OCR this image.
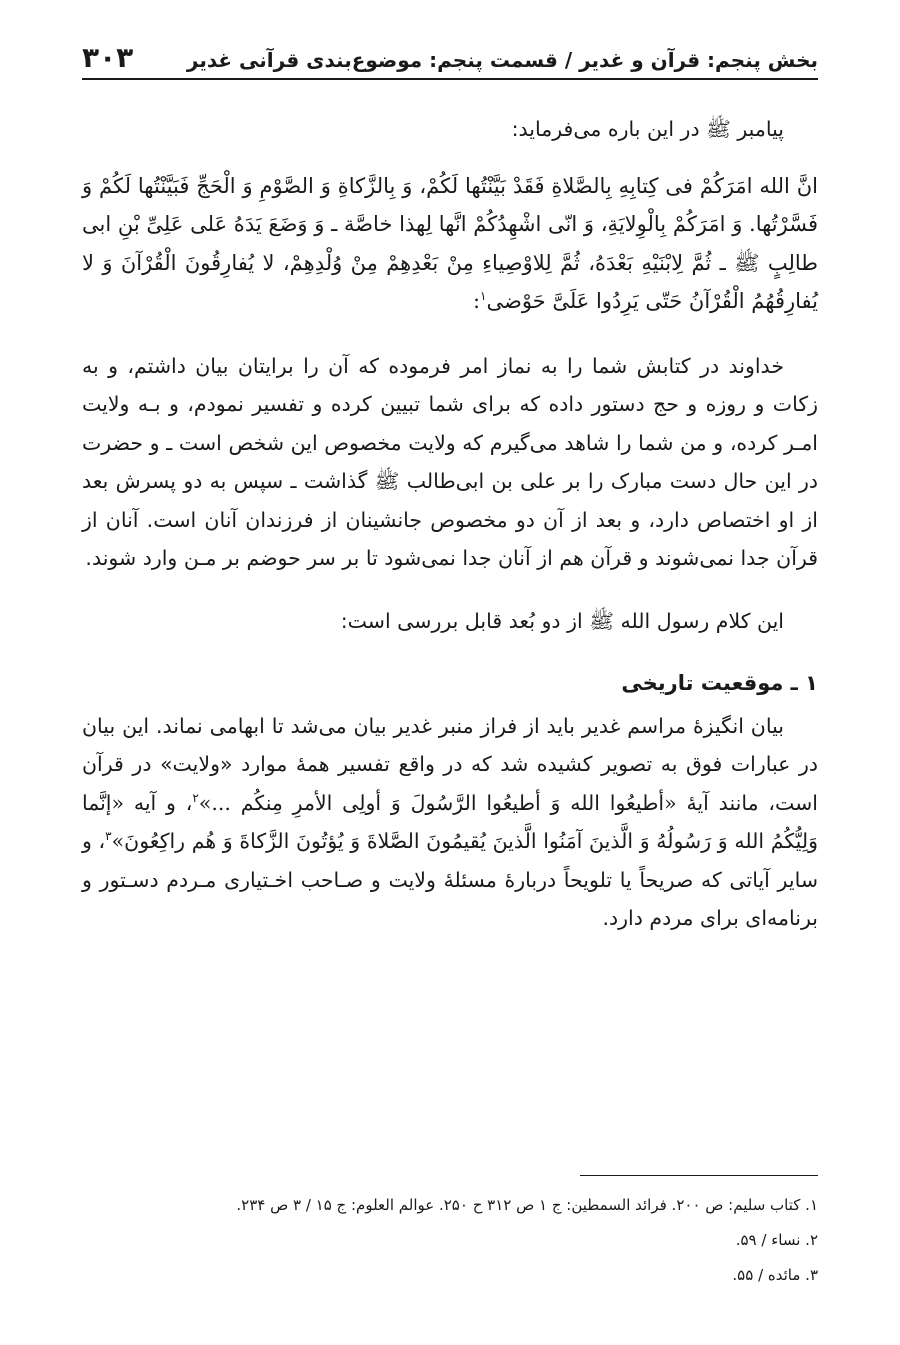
بخش پنجم: قرآن و غدیر / قسمت پنجم: موضوع‌بندی قرآنی غدیر
۳۰۳

پیامبر ﷺ در این باره می‌فرماید:

انَّ الله امَرَکُمْ فی کِتابِهِ بِالصَّلاةِ فَقَدْ بَیَّنْتُها لَکُمْ، وَ بِالزَّکاةِ وَ الصَّوْمِ وَ الْحَجِّ فَبَیَّنْتُها لَکُمْ وَ فَسَّرْتُها. وَ امَرَکُمْ بِالْوِلایَةِ، وَ انّی اشْهِدُکُمْ انَّها لِهذا خاصَّة ـ وَ وَضَعَ یَدَهُ عَلی عَلِیِّ بْنِ ابی طالِبٍ ﷺ ـ ثُمَّ لِابْنَیْهِ بَعْدَهُ، ثُمَّ لِلاوْصِیاءِ مِنْ بَعْدِهِمْ مِنْ وُلْدِهِمْ، لا یُفارِقُونَ الْقُرْآنَ وَ لا یُفارِقُهُمُ الْقُرْآنُ حَتّی یَرِدُوا عَلَیَّ حَوْضی$^۱$:

خداوند در کتابش شما را به نماز امر فرموده که آن را برایتان بیان داشتم، و به زکات و روزه و حج دستور داده که برای شما تبیین کرده و تفسیر نمودم، و بـه ولایت امـر کرده، و من شما را شاهد می‌گیرم که ولایت مخصوص این شخص است ـ و حضرت در این حال دست مبارک را بر علی بن ابی‌طالب ﷺ گذاشت ـ سپس به دو پسرش بعد از او اختصاص دارد، و بعد از آن دو مخصوص جانشینان از فرزندان آنان است. آنان از قرآن جدا نمی‌شوند و قرآن هم از آنان جدا نمی‌شود تا بر سر حوضم بر مـن وارد شوند.

این کلام رسول الله ﷺ از دو بُعد قابل بررسی است:

۱ ـ موقعیت تاریخی

بیان انگیزهٔ مراسم غدیر باید از فراز منبر غدیر بیان می‌شد تا ابهامی نماند. این بیان در عبارات فوق به تصویر کشیده شد که در واقع تفسیر همهٔ موارد «ولایت» در قرآن است، مانند آیهٔ «أطیعُوا الله وَ أطیعُوا الرَّسُولَ وَ أولِی الأمرِ مِنکُم ...»$^۲$، و آیه «إنَّما وَلِیُّکُمُ الله وَ رَسُولُهُ وَ الَّذینَ آمَنُوا الَّذینَ یُقیمُونَ الصَّلاةَ وَ یُؤتُونَ الزَّکاةَ وَ هُم راکِعُونَ»$^۳$، و سایر آیاتی که صریحاً یا تلویحاً دربارهٔ مسئلهٔ ولایت و صـاحب اخـتیاری مـردم دسـتور و برنامه‌ای برای مردم دارد.

۱. کتاب سلیم: ص ۲۰۰. فرائد السمطین: ج ۱ ص ۳۱۲ ح ۲۵۰. عوالم العلوم: ج ۱۵ / ۳ ص ۲۳۴.

۲. نساء / ۵۹.

۳. مائده / ۵۵.
